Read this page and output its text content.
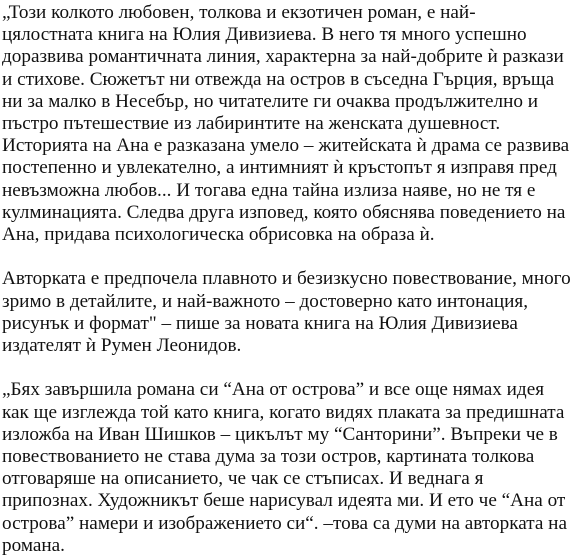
„Този колкото любовен, толкова и екзотичен роман, е най-
цялостната книга на Юлия Дивизиева. В него тя много успешно
доразвива романтичната линия, характерна за най-добрите ѝ разкази
и стихове. Сюжетът ни отвежда на остров в съседна Гърция, връща
ни за малко в Несебър, но читателите ги очаква продължително и
пъстро пътешествие из лабиринтите на женската душевност.
Историята на Ана е разказана умело – житейската ѝ драма се развива
постепенно и увлекателно, а интимният ѝ кръстопът я изправя пред
невъзможна любов... И тогава една тайна излиза наяве, но не тя е
кулминацията. Следва друга изповед, която обяснява поведението на
Ана, придава психологическа обрисовка на образа ѝ.
Авторката е предпочела плавното и безизкусно повествование, много
зримо в детайлите, и най-важното – достоверно като интонация,
рисунък и формат" – пише за новата книга на Юлия Дивизиева
издателят ѝ Румен Леонидов.
„Бях завършила романа си “Ана от острова” и все още нямах идея
как ще изглежда той като книга, когато видях плаката за предишната
изложба на Иван Шишков – цикълът му “Санторини”. Въпреки че в
повествованието не става дума за този остров, картината толкова
отговаряше на описанието, че чак се стъписах. И веднага я
припознах. Художникът беше нарисувал идеята ми. И ето че “Ана от
острова” намери и изображението си“. –това са думи на авторката на
романа.
